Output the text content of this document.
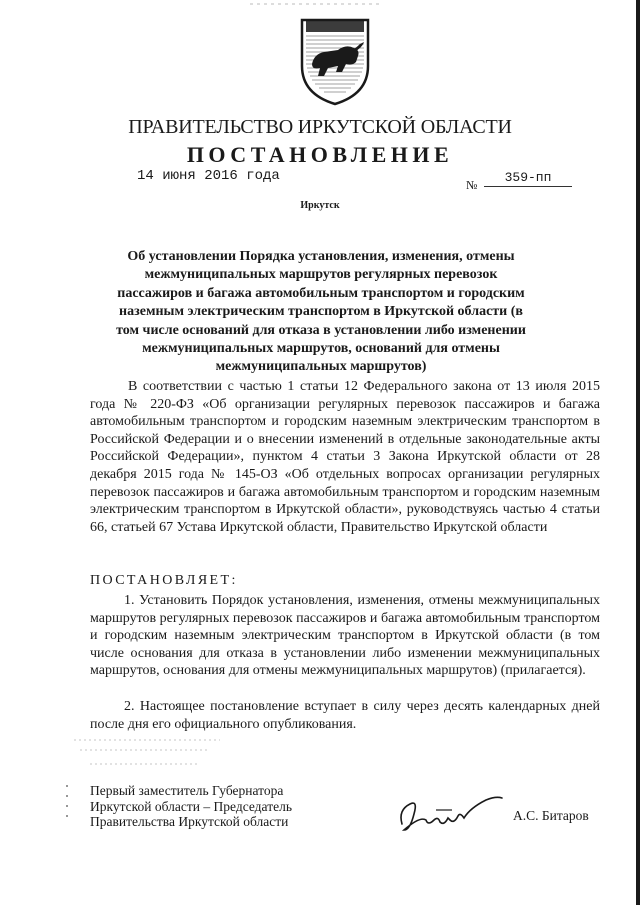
ПРАВИТЕЛЬСТВО ИРКУТСКОЙ ОБЛАСТИ
ПОСТАНОВЛЕНИЕ
14 июня 2016 года
№	359-пп
Иркутск
Об установлении Порядка установления, изменения, отмены межмуниципальных маршрутов регулярных перевозок пассажиров и багажа автомобильным транспортом и городским наземным электрическим транспортом в Иркутской области (в том числе оснований для отказа в установлении либо изменении межмуниципальных маршрутов, оснований для отмены межмуниципальных маршрутов)
В соответствии с частью 1 статьи 12 Федерального закона от 13 июля 2015 года № 220-ФЗ «Об организации регулярных перевозок пассажиров и багажа автомобильным транспортом и городским наземным электрическим транспортом в Российской Федерации и о внесении изменений в отдельные законодательные акты Российской Федерации», пунктом 4 статьи 3 Закона Иркутской области от 28 декабря 2015 года № 145-ОЗ «Об отдельных вопросах организации регулярных перевозок пассажиров и багажа автомобильным транспортом и городским наземным электрическим транспортом в Иркутской области», руководствуясь частью 4 статьи 66, статьей 67 Устава Иркутской области, Правительство Иркутской области
ПОСТАНОВЛЯЕТ:
1. Установить Порядок установления, изменения, отмены межмуниципальных маршрутов регулярных перевозок пассажиров и багажа автомобильным транспортом и городским наземным электрическим транспортом в Иркутской области (в том числе основания для отказа в установлении либо изменении межмуниципальных маршрутов, основания для отмены межмуниципальных маршрутов) (прилагается).
2. Настоящее постановление вступает в силу через десять календарных дней после дня его официального опубликования.
Первый заместитель Губернатора
Иркутской области – Председатель
Правительства Иркутской области	А.С. Битаров
